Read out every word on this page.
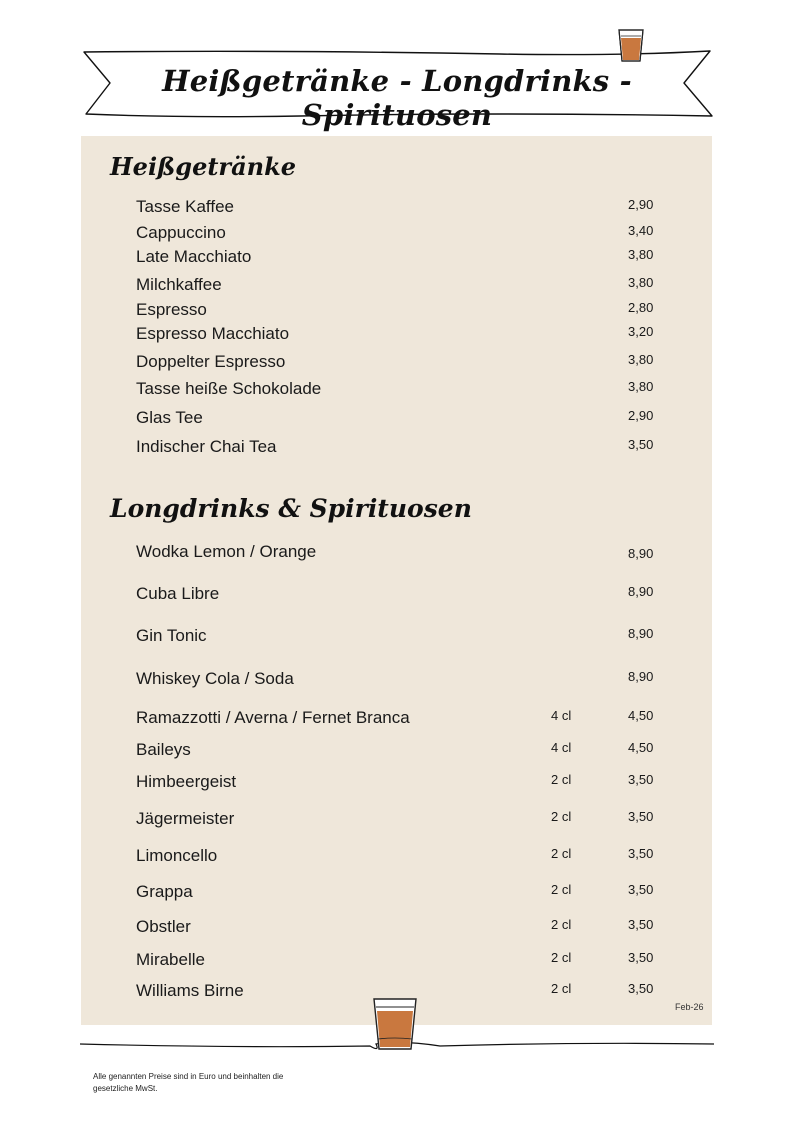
Heißgetränke - Longdrinks - Spirituosen
Heißgetränke
Tasse Kaffee	2,90
Cappuccino	3,40
Late Macchiato	3,80
Milchkaffee	3,80
Espresso	2,80
Espresso Macchiato	3,20
Doppelter Espresso	3,80
Tasse heiße Schokolade	3,80
Glas Tee	2,90
Indischer Chai Tea	3,50
Longdrinks & Spirituosen
Wodka Lemon / Orange	8,90
Cuba Libre	8,90
Gin Tonic	8,90
Whiskey Cola / Soda	8,90
Ramazzotti / Averna / Fernet Branca	4 cl	4,50
Baileys	4 cl	4,50
Himbeergeist	2 cl	3,50
Jägermeister	2 cl	3,50
Limoncello	2 cl	3,50
Grappa	2 cl	3,50
Obstler	2 cl	3,50
Mirabelle	2 cl	3,50
Williams Birne	2 cl	3,50
Feb-26
Alle genannten Preise sind in Euro und beinhalten die gesetzliche MwSt.
